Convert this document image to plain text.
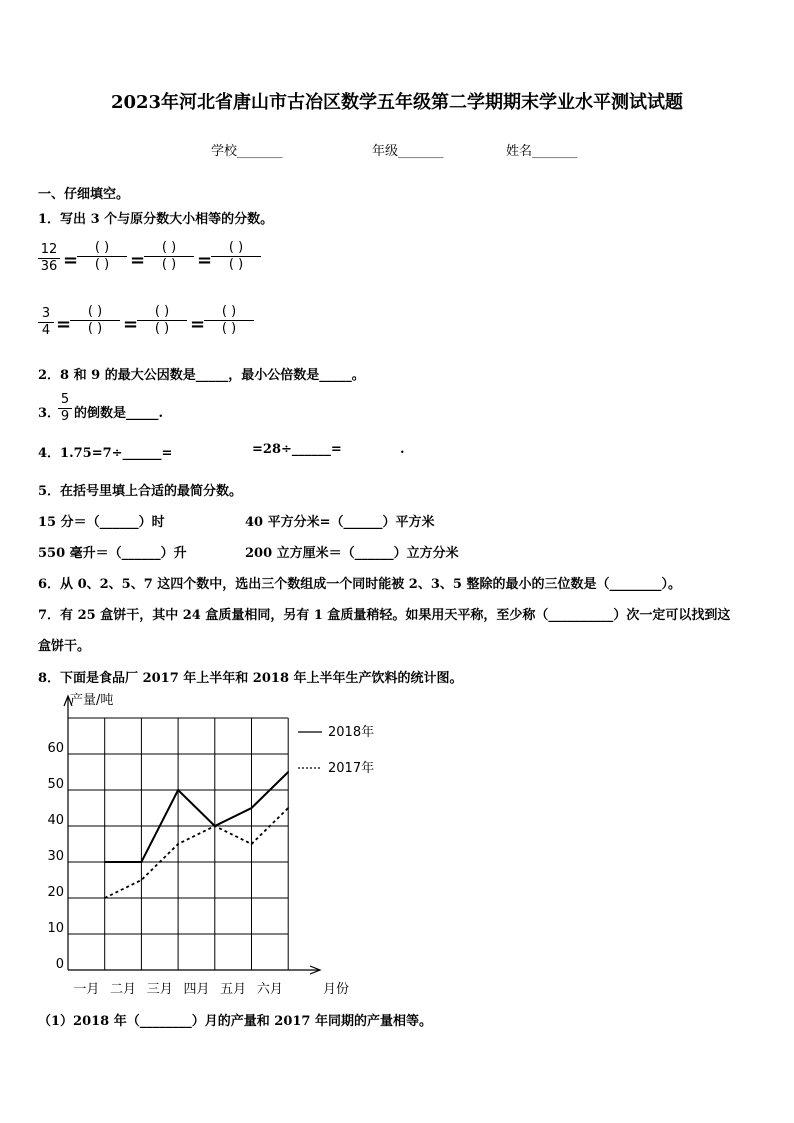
2023年河北省唐山市古冶区数学五年级第二学期期末学业水平测试试题
学校_______	年级_______	姓名_______
一、仔细填空。
1．写出 3 个与原分数大小相等的分数。
$\frac{12}{36}$ =
( )
( )	=
( )
( )	=
( )
( )
$\frac{3}{4}$ =
( )
( )	=
( )
( )	=
( )
( )
2．8 和 9 的最大公因数是_____，最小公倍数是_____。
3．
$\frac{5}{9}$ 的倒数是_____.
4．1.75=7÷______=	=28÷______=	.
5．在括号里填上合适的最简分数。
15 分＝（______）时	40 平方分米=（______）平方米
550 毫升＝（______）升	200 立方厘米＝（______）立方分米
6．从 0、2、5、7 这四个数中，选出三个数组成一个同时能被 2、3、5 整除的最小的三位数是（________）。
7．有 25 盒饼干，其中 24 盒质量相同，另有 1 盒质量稍轻。如果用天平称，至少称（__________）次一定可以找到这
盒饼干。
8．下面是食品厂 2017 年上半年和 2018 年上半年生产饮料的统计图。
0
10
20
30
40
50
60
一月 二月 三月 四月 五月 六月
产量/吨
月份
2018年
2017年
（1）2018 年（________）月的产量和 2017 年同期的产量相等。
